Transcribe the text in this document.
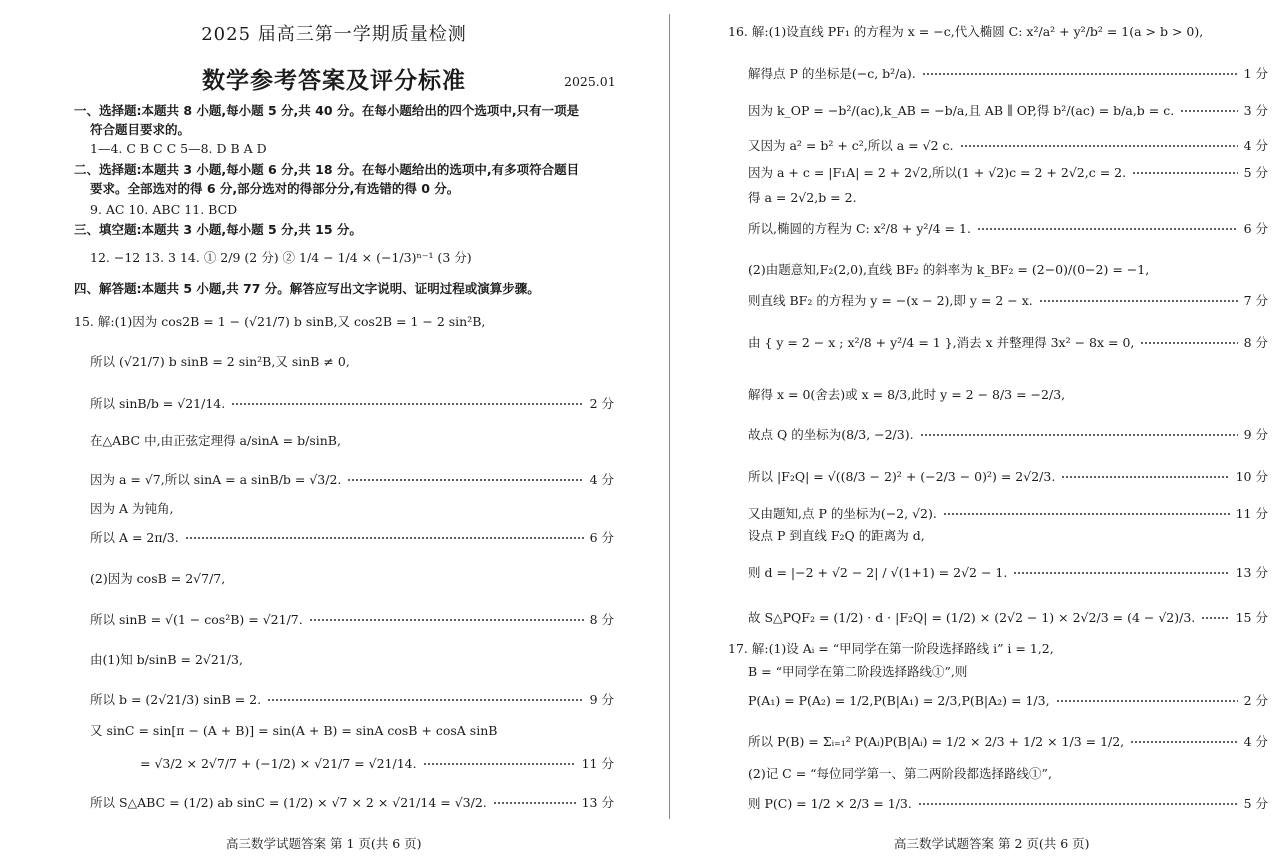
2025 届高三第一学期质量检测
数学参考答案及评分标准	2025.01
一、选择题:本题共 8 小题,每小题 5 分,共 40 分。在每小题给出的四个选项中,只有一项是
符合题目要求的。
1—4. C B C C 5—8. D B A D
二、选择题:本题共 3 小题,每小题 6 分,共 18 分。在每小题给出的选项中,有多项符合题目
要求。全部选对的得 6 分,部分选对的得部分分,有选错的得 0 分。
9. AC 10. ABC 11. BCD
三、填空题:本题共 3 小题,每小题 5 分,共 15 分。
12. −12 13. 3 14. ① 2/9 (2 分) ② 1/4 − 1/4 × (−1/3)ⁿ⁻¹ (3 分)
四、解答题:本题共 5 小题,共 77 分。解答应写出文字说明、证明过程或演算步骤。
15. 解:(1)因为 cos2B = 1 − (√21/7) b sinB,又 cos2B = 1 − 2 sin²B,
所以 (√21/7) b sinB = 2 sin²B,又 sinB ≠ 0,
所以 sinB/b = √21/14.	2 分
在△ABC 中,由正弦定理得 a/sinA = b/sinB,
因为 a = √7,所以 sinA = a sinB/b = √3/2.	4 分
因为 A 为钝角,
所以 A = 2π/3.	6 分
(2)因为 cosB = 2√7/7,
所以 sinB = √(1 − cos²B) = √21/7.	8 分
由(1)知 b/sinB = 2√21/3,
所以 b = (2√21/3) sinB = 2.	9 分
又 sinC = sin[π − (A + B)] = sin(A + B) = sinA cosB + cosA sinB
= √3/2 × 2√7/7 + (−1/2) × √21/7 = √21/14.	11 分
所以 S△ABC = (1/2) ab sinC = (1/2) × √7 × 2 × √21/14 = √3/2.	13 分
高三数学试题答案 第 1 页(共 6 页)
16. 解:(1)设直线 PF₁ 的方程为 x = −c,代入椭圆 C: x²/a² + y²/b² = 1(a > b > 0),
解得点 P 的坐标是(−c, b²/a).	1 分
因为 k_OP = −b²/(ac),k_AB = −b/a,且 AB ∥ OP,得 b²/(ac) = b/a,b = c.	3 分
又因为 a² = b² + c²,所以 a = √2 c.	4 分
因为 a + c = |F₁A| = 2 + 2√2,所以(1 + √2)c = 2 + 2√2,c = 2.	5 分
得 a = 2√2,b = 2.
所以,椭圆的方程为 C: x²/8 + y²/4 = 1.	6 分
(2)由题意知,F₂(2,0),直线 BF₂ 的斜率为 k_BF₂ = (2−0)/(0−2) = −1,
则直线 BF₂ 的方程为 y = −(x − 2),即 y = 2 − x.	7 分
由 { y = 2 − x ; x²/8 + y²/4 = 1 },消去 x 并整理得 3x² − 8x = 0,	8 分
解得 x = 0(舍去)或 x = 8/3,此时 y = 2 − 8/3 = −2/3,
故点 Q 的坐标为(8/3, −2/3).	9 分
所以 |F₂Q| = √((8/3 − 2)² + (−2/3 − 0)²) = 2√2/3.	10 分
又由题知,点 P 的坐标为(−2, √2).	11 分
设点 P 到直线 F₂Q 的距离为 d,
则 d = |−2 + √2 − 2| / √(1+1) = 2√2 − 1.	13 分
故 S△PQF₂ = (1/2) · d · |F₂Q| = (1/2) × (2√2 − 1) × 2√2/3 = (4 − √2)/3.	15 分
17. 解:(1)设 Aᵢ = “甲同学在第一阶段选择路线 i” i = 1,2,
B = “甲同学在第二阶段选择路线①”,则
P(A₁) = P(A₂) = 1/2,P(B|A₁) = 2/3,P(B|A₂) = 1/3,	2 分
所以 P(B) = Σᵢ₌₁² P(Aᵢ)P(B|Aᵢ) = 1/2 × 2/3 + 1/2 × 1/3 = 1/2,	4 分
(2)记 C = “每位同学第一、第二两阶段都选择路线①”,
则 P(C) = 1/2 × 2/3 = 1/3.	5 分
高三数学试题答案 第 2 页(共 6 页)
